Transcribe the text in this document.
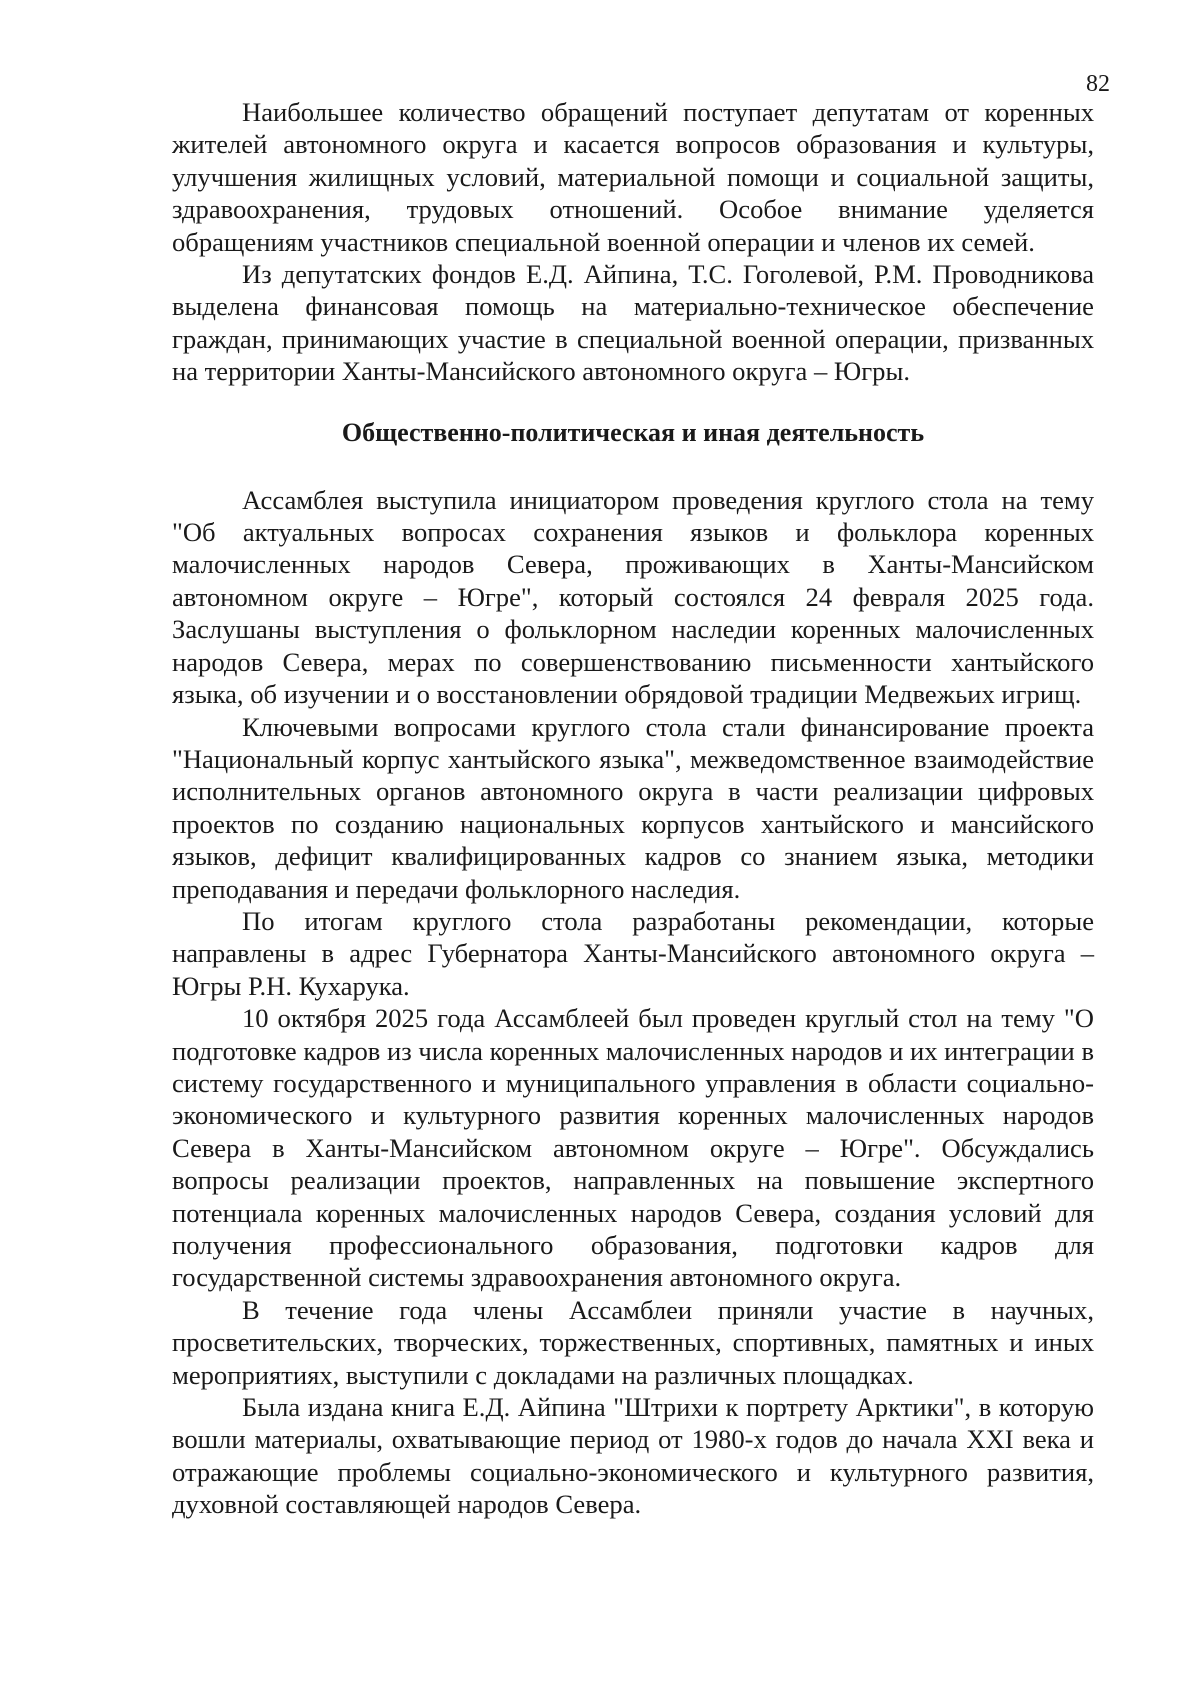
82

Наибольшее количество обращений поступает депутатам от коренных жителей автономного округа и касается вопросов образования и культуры, улучшения жилищных условий, материальной помощи и социальной защиты, здравоохранения, трудовых отношений. Особое внимание уделяется обращениям участников специальной военной операции и членов их семей.

Из депутатских фондов Е.Д. Айпина, Т.С. Гоголевой, Р.М. Проводникова выделена финансовая помощь на материально-техническое обеспечение граждан, принимающих участие в специальной военной операции, призванных на территории Ханты-Мансийского автономного округа – Югры.

Общественно-политическая и иная деятельность

Ассамблея выступила инициатором проведения круглого стола на тему "Об актуальных вопросах сохранения языков и фольклора коренных малочисленных народов Севера, проживающих в Ханты-Мансийском автономном округе – Югре", который состоялся 24 февраля 2025 года. Заслушаны выступления о фольклорном наследии коренных малочисленных народов Севера, мерах по совершенствованию письменности хантыйского языка, об изучении и о восстановлении обрядовой традиции Медвежьих игрищ.

Ключевыми вопросами круглого стола стали финансирование проекта "Национальный корпус хантыйского языка", межведомственное взаимодействие исполнительных органов автономного округа в части реализации цифровых проектов по созданию национальных корпусов хантыйского и мансийского языков, дефицит квалифицированных кадров со знанием языка, методики преподавания и передачи фольклорного наследия.

По итогам круглого стола разработаны рекомендации, которые направлены в адрес Губернатора Ханты-Мансийского автономного округа – Югры Р.Н. Кухарука.

10 октября 2025 года Ассамблеей был проведен круглый стол на тему "О подготовке кадров из числа коренных малочисленных народов и их интеграции в систему государственного и муниципального управления в области социально-экономического и культурного развития коренных малочисленных народов Севера в Ханты-Мансийском автономном округе – Югре". Обсуждались вопросы реализации проектов, направленных на повышение экспертного потенциала коренных малочисленных народов Севера, создания условий для получения профессионального образования, подготовки кадров для государственной системы здравоохранения автономного округа.

В течение года члены Ассамблеи приняли участие в научных, просветительских, творческих, торжественных, спортивных, памятных и иных мероприятиях, выступили с докладами на различных площадках.

Была издана книга Е.Д. Айпина "Штрихи к портрету Арктики", в которую вошли материалы, охватывающие период от 1980-х годов до начала XXI века и отражающие проблемы социально-экономического и культурного развития, духовной составляющей народов Севера.
